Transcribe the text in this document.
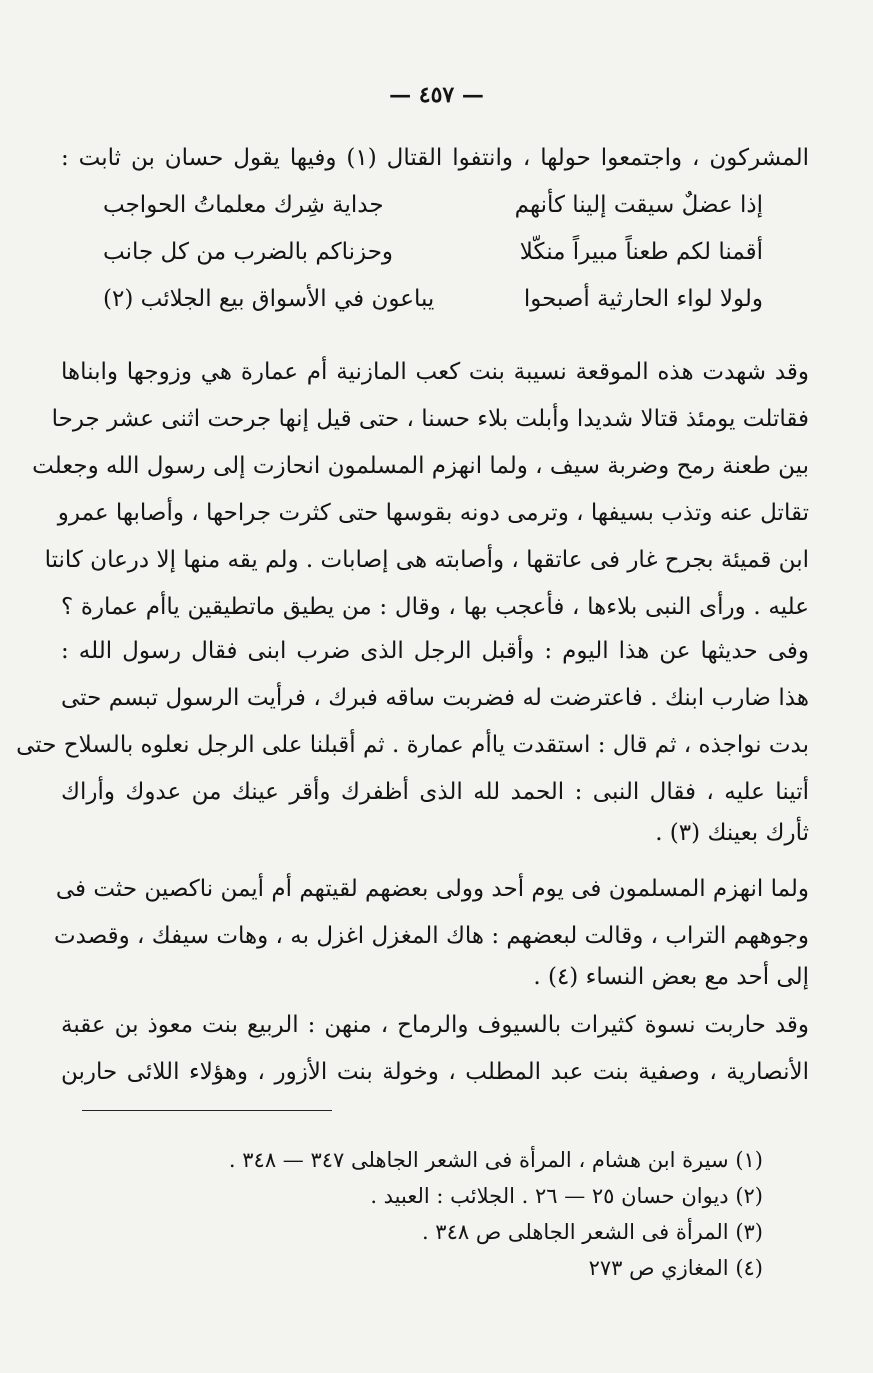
— ٤٥٧ —
المشركون ، واجتمعوا حولها ، وانتفوا القتال (١) وفيها يقول حسان بن ثابت :
إذا عضلٌ سيقت إلينا كأنهم
جداية شِرك معلماتُ الحواجب
أقمنا لكم طعناً مبيراً منكّلا
وحزناكم بالضرب من كل جانب
ولولا لواء الحارثية أصبحوا
يباعون في الأسواق بيع الجلائب (٢)
وقد شهدت هذه الموقعة نسيبة بنت كعب المازنية أم عمارة هي وزوجها وابناها
فقاتلت يومئذ قتالا شديدا وأبلت بلاء حسنا ، حتى قيل إنها جرحت اثنى عشر جرحا
بين طعنة رمح وضربة سيف ، ولما انهزم المسلمون انحازت إلى رسول الله وجعلت
تقاتل عنه وتذب بسيفها ، وترمى دونه بقوسها حتى كثرت جراحها ، وأصابها عمرو
ابن قميئة بجرح غار فى عاتقها ، وأصابته هى إصابات . ولم يقه منها إلا درعان كانتا
عليه . ورأى النبى بلاءها ، فأعجب بها ، وقال : من يطيق ماتطيقين ياأم عمارة ؟
وفى حديثها عن هذا اليوم : وأقبل الرجل الذى ضرب ابنى فقال رسول الله :
هذا ضارب ابنك . فاعترضت له فضربت ساقه فبرك ، فرأيت الرسول تبسم حتى
بدت نواجذه ، ثم قال : استقدت ياأم عمارة . ثم أقبلنا على الرجل نعلوه بالسلاح حتى
أتينا عليه ، فقال النبى : الحمد لله الذى أظفرك وأقر عينك من عدوك وأراك
ثأرك بعينك (٣) .
ولما انهزم المسلمون فى يوم أحد وولى بعضهم لقيتهم أم أيمن ناكصين حثت فى
وجوههم التراب ، وقالت لبعضهم : هاك المغزل اغزل به ، وهات سيفك ، وقصدت
إلى أحد مع بعض النساء (٤) .
وقد حاربت نسوة كثيرات بالسيوف والرماح ، منهن : الربيع بنت معوذ بن عقبة
الأنصارية ، وصفية بنت عبد المطلب ، وخولة بنت الأزور ، وهؤلاء اللائى حاربن
(١) سيرة ابن هشام ، المرأة فى الشعر الجاهلى ٣٤٧ — ٣٤٨ .
(٢) ديوان حسان ٢٥ — ٢٦ . الجلائب : العبيد .
(٣) المرأة فى الشعر الجاهلى ص ٣٤٨ .
(٤) المغازي ص ٢٧٣
